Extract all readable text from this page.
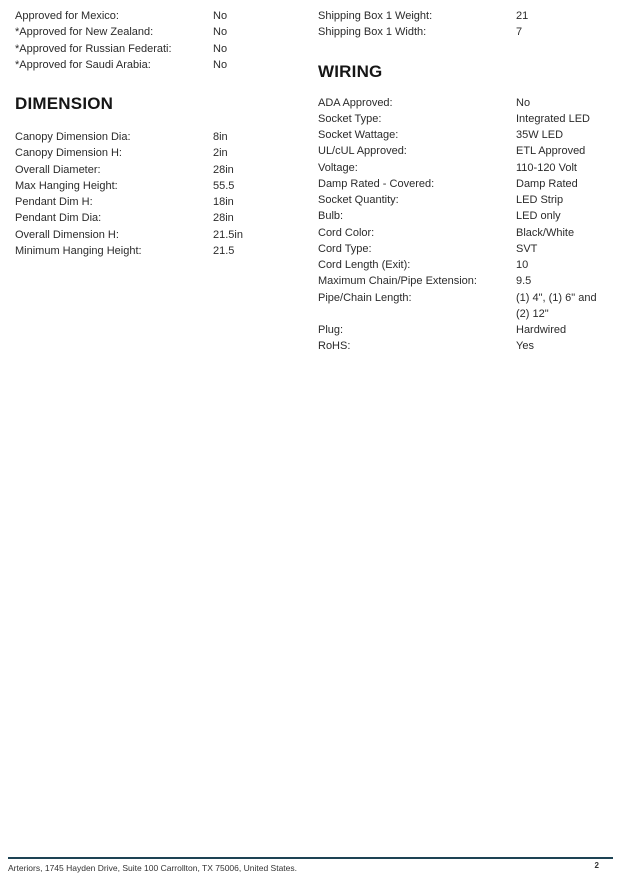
Approved for Mexico:	No
*Approved for New Zealand:	No
*Approved for Russian Federati:	No
*Approved for Saudi Arabia:	No
DIMENSION
Canopy Dimension Dia:	8in
Canopy Dimension H:	2in
Overall Diameter:	28in
Max Hanging Height:	55.5
Pendant Dim H:	18in
Pendant Dim Dia:	28in
Overall Dimension H:	21.5in
Minimum Hanging Height:	21.5
Shipping Box 1 Weight:	21
Shipping Box 1 Width:	7
WIRING
ADA Approved:	No
Socket Type:	Integrated LED
Socket Wattage:	35W LED
UL/cUL Approved:	ETL Approved
Voltage:	110-120 Volt
Damp Rated - Covered:	Damp Rated
Socket Quantity:	LED Strip
Bulb:	LED only
Cord Color:	Black/White
Cord Type:	SVT
Cord Length (Exit):	10
Maximum Chain/Pipe Extension:	9.5
Pipe/Chain Length:	(1) 4", (1) 6" and (2) 12"
Plug:	Hardwired
RoHS:	Yes
Arteriors, 1745 Hayden Drive, Suite 100 Carrollton, TX 75006, United States.	2
